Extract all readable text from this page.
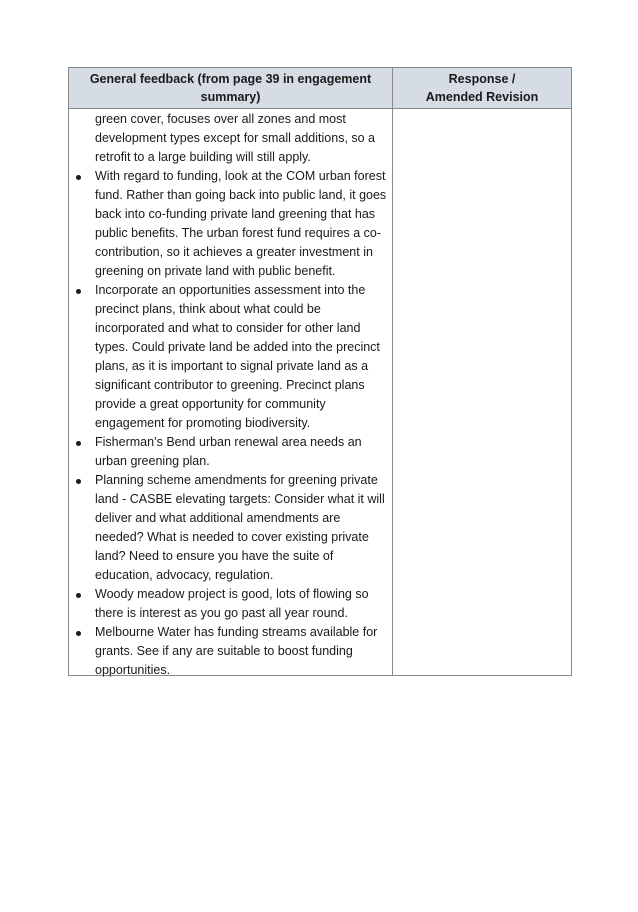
General feedback (from page 39 in engagement summary)
Response / Amended Revision

green cover, focuses over all zones and most development types except for small additions, so a retrofit to a large building will still apply.

With regard to funding, look at the COM urban forest fund. Rather than going back into public land, it goes back into co-funding private land greening that has public benefits. The urban forest fund requires a co-contribution, so it achieves a greater investment in greening on private land with public benefit.
Incorporate an opportunities assessment into the precinct plans, think about what could be incorporated and what to consider for other land types. Could private land be added into the precinct plans, as it is important to signal private land as a significant contributor to greening. Precinct plans provide a great opportunity for community engagement for promoting biodiversity.
Fisherman’s Bend urban renewal area needs an urban greening plan.
Planning scheme amendments for greening private land - CASBE elevating targets: Consider what it will deliver and what additional amendments are needed? What is needed to cover existing private land? Need to ensure you have the suite of education, advocacy, regulation.
Woody meadow project is good, lots of flowing so there is interest as you go past all year round.
Melbourne Water has funding streams available for grants. See if any are suitable to boost funding opportunities.
